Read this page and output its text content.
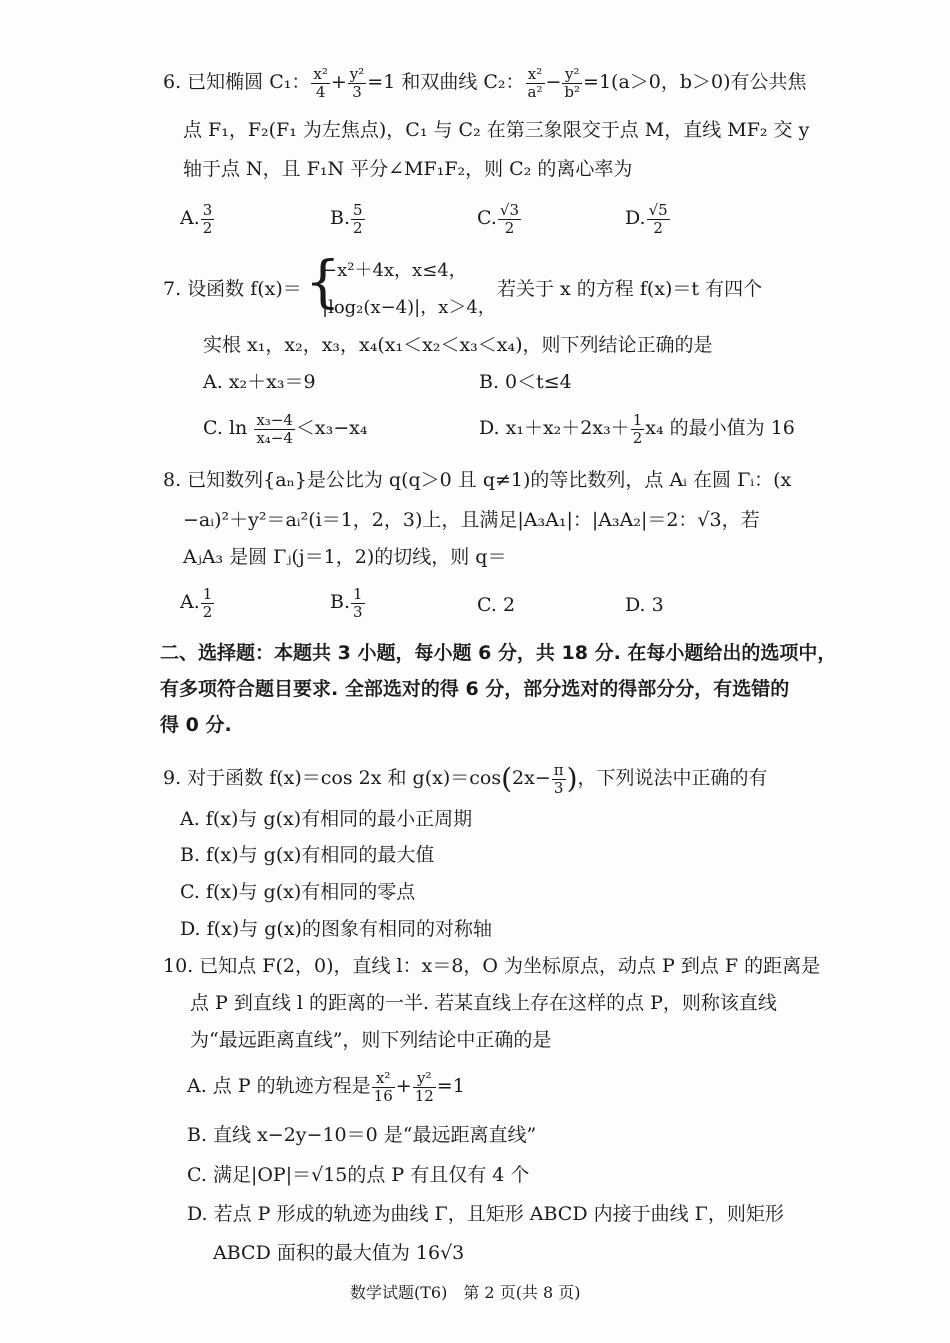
6. 已知椭圆 C₁： $\frac{\text{x²}}{4} + \frac{\text{y²}}{3} =1$ 和双曲线 C₂： $\frac{\text{x²}}{\text{a²}} - \frac{\text{y²}}{\text{b²}} =1(a>0$，b＞0)有公共焦
点 F₁，F₂(F₁ 为左焦点)，C₁ 与 C₂ 在第三象限交于点 M，直线 MF₂ 交 y
轴于点 N，且 F₁N 平分∠MF₁F₂，则 C₂ 的离心率为
A. $\frac{3}{2}$	B. $\frac{5}{2}$	C. $\frac{√3}{2}$	D. $\frac{√5}{2}$
7. 设函数 f(x)＝ {
−x²＋4x，x≤4，
|log₂(x−4)|，x＞4，
若关于 x 的方程 f(x)＝t 有四个
实根 x₁，x₂，x₃，x₄(x₁＜x₂＜x₃＜x₄)，则下列结论正确的是
A. x₂＋x₃＝9	B. 0＜t≤4
C. $\ln \frac{\text{x₃−4}}{\text{x₄−4}} <x_3-x_4$	D. $x_1+x_2+2x_3+ \frac{1}{2} x_4$ 的最小值为 16
8. 已知数列{aₙ}是公比为 q(q＞0 且 q≠1)的等比数列，点 Aᵢ 在圆 Γᵢ：(x
−aᵢ)²＋y²＝aᵢ²(i＝1，2，3)上，且满足|A₃A₁|：|A₃A₂|＝2：√3，若
AⱼA₃ 是圆 Γⱼ(j＝1，2)的切线，则 q＝
A. $\frac{1}{2}$	B. $\frac{1}{3}$	C. 2	D. 3
二、选择题：本题共 3 小题，每小题 6 分，共 18 分. 在每小题给出的选项中，
有多项符合题目要求. 全部选对的得 6 分，部分选对的得部分分，有选错的
得 0 分.
9. 对于函数 f(x)＝cos 2x 和 $g(x)=\cos(2x- \frac{\pi}{3}$ )，下列说法中正确的有
A. f(x)与 g(x)有相同的最小正周期
B. f(x)与 g(x)有相同的最大值
C. f(x)与 g(x)有相同的零点
D. f(x)与 g(x)的图象有相同的对称轴
10. 已知点 F(2，0)，直线 l：x＝8，O 为坐标原点，动点 P 到点 F 的距离是
点 P 到直线 l 的距离的一半. 若某直线上存在这样的点 P，则称该直线
为“最远距离直线”，则下列结论中正确的是
A. 点 P 的轨迹方程是 $\frac{\text{x²}}{16} + \frac{\text{y²}}{12} =1$
B. 直线 x−2y−10＝0 是“最远距离直线”
C. 满足|OP|＝√15的点 P 有且仅有 4 个
D. 若点 P 形成的轨迹为曲线 Γ，且矩形 ABCD 内接于曲线 Γ，则矩形
ABCD 面积的最大值为 16√3
数学试题(T6)　第 2 页(共 8 页)
